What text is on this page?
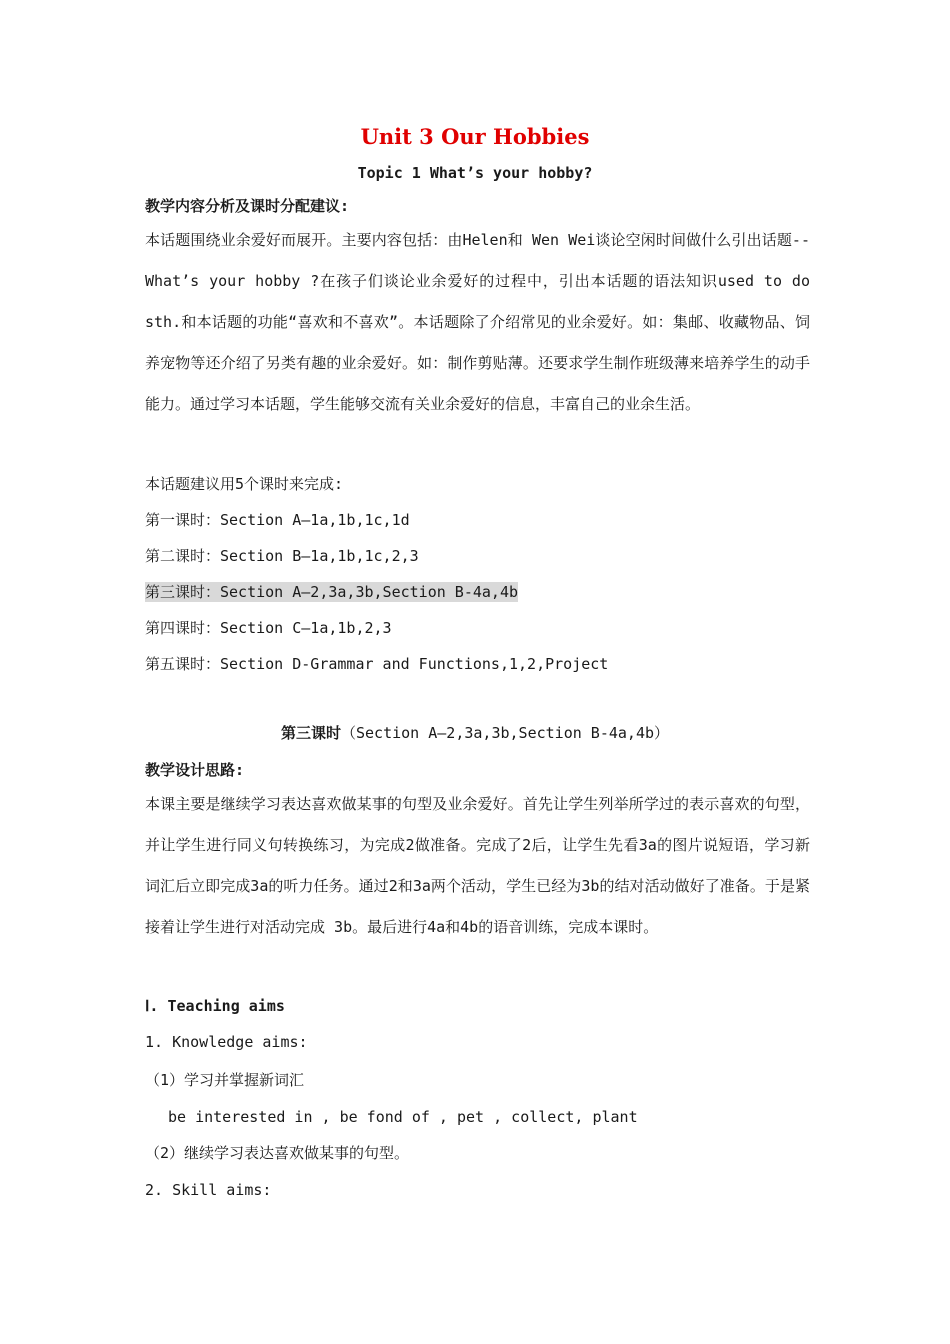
Unit 3 Our Hobbies
Topic 1 What’s your hobby?
教学内容分析及课时分配建议:
本话题围绕业余爱好而展开。主要内容包括：由Helen和 Wen Wei谈论空闲时间做什么引出话题--What’s your hobby ?在孩子们谈论业余爱好的过程中，引出本话题的语法知识used to do sth.和本话题的功能“喜欢和不喜欢”。本话题除了介绍常见的业余爱好。如：集邮、收藏物品、饲养宠物等还介绍了另类有趣的业余爱好。如：制作剪贴薄。还要求学生制作班级薄来培养学生的动手能力。通过学习本话题，学生能够交流有关业余爱好的信息，丰富自己的业余生活。
本话题建议用5个课时来完成:
第一课时：Section A—1a,1b,1c,1d
第二课时：Section B—1a,1b,1c,2,3
第三课时：Section A—2,3a,3b,Section B-4a,4b
第四课时：Section C—1a,1b,2,3
第五课时：Section D-Grammar and Functions,1,2,Project
第三课时（Section A—2,3a,3b,Section B-4a,4b）
教学设计思路:
本课主要是继续学习表达喜欢做某事的句型及业余爱好。首先让学生列举所学过的表示喜欢的句型，并让学生进行同义句转换练习，为完成2做准备。完成了2后，让学生先看3a的图片说短语，学习新词汇后立即完成3a的听力任务。通过2和3a两个活动，学生已经为3b的结对活动做好了准备。于是紧接着让学生进行对活动完成 3b。最后进行4a和4b的语音训练，完成本课时。
Ⅰ. Teaching aims
1. Knowledge aims:
（1）学习并掌握新词汇
be interested in , be fond of , pet , collect, plant
（2）继续学习表达喜欢做某事的句型。
2. Skill aims:
